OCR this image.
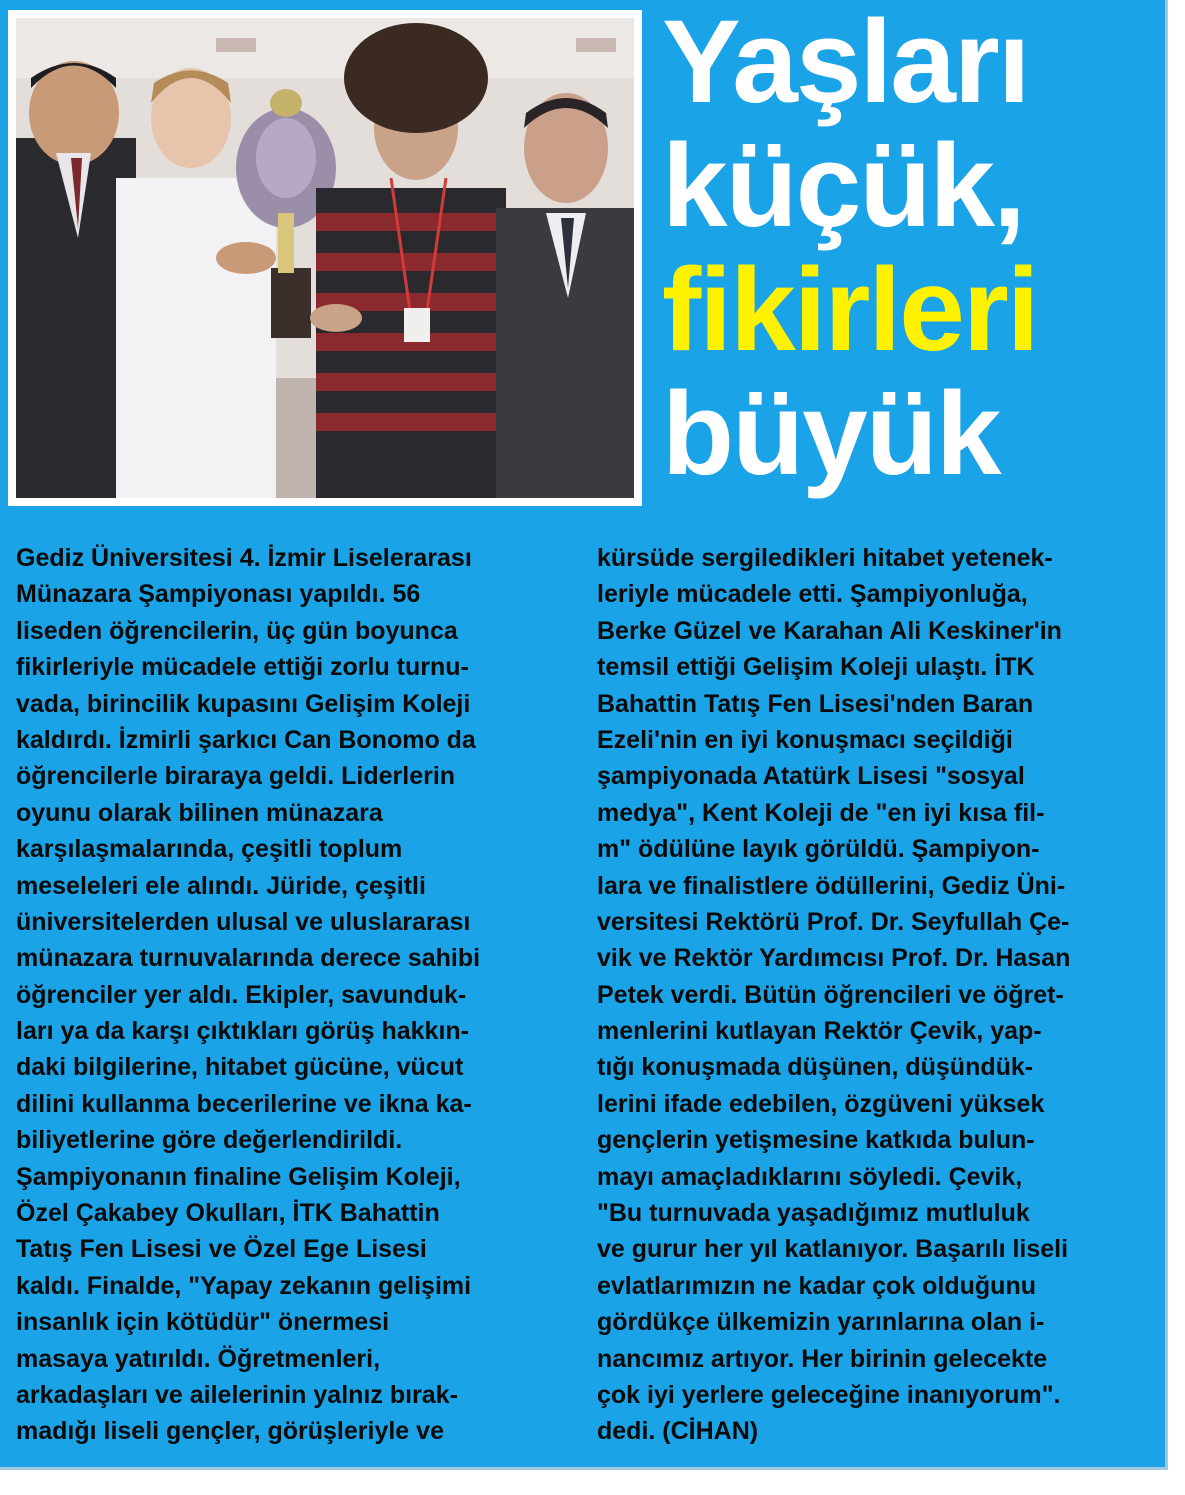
Yaşları
küçük,
fikirleri
büyük
Gediz Üniversitesi 4. İzmir Liselerarası
Münazara Şampiyonası yapıldı. 56
liseden öğrencilerin, üç gün boyunca
fikirleriyle mücadele ettiği zorlu turnu-
vada, birincilik kupasını Gelişim Koleji
kaldırdı. İzmirli şarkıcı Can Bonomo da
öğrencilerle biraraya geldi. Liderlerin
oyunu olarak bilinen münazara
karşılaşmalarında, çeşitli toplum
meseleleri ele alındı. Jüride, çeşitli
üniversitelerden ulusal ve uluslararası
münazara turnuvalarında derece sahibi
öğrenciler yer aldı. Ekipler, savunduk-
ları ya da karşı çıktıkları görüş hakkın-
daki bilgilerine, hitabet gücüne, vücut
dilini kullanma becerilerine ve ikna ka-
biliyetlerine göre değerlendirildi.
Şampiyonanın finaline Gelişim Koleji,
Özel Çakabey Okulları, İTK Bahattin
Tatış Fen Lisesi ve Özel Ege Lisesi
kaldı. Finalde, "Yapay zekanın gelişimi
insanlık için kötüdür" önermesi
masaya yatırıldı. Öğretmenleri,
arkadaşları ve ailelerinin yalnız bırak-
madığı liseli gençler, görüşleriyle ve
kürsüde sergiledikleri hitabet yetenek-
leriyle mücadele etti. Şampiyonluğa,
Berke Güzel ve Karahan Ali Keskiner'in
temsil ettiği Gelişim Koleji ulaştı. İTK
Bahattin Tatış Fen Lisesi'nden Baran
Ezeli'nin en iyi konuşmacı seçildiği
şampiyonada Atatürk Lisesi "sosyal
medya", Kent Koleji de "en iyi kısa fil-
m" ödülüne layık görüldü. Şampiyon-
lara ve finalistlere ödüllerini, Gediz Üni-
versitesi Rektörü Prof. Dr. Seyfullah Çe-
vik ve Rektör Yardımcısı Prof. Dr. Hasan
Petek verdi. Bütün öğrencileri ve öğret-
menlerini kutlayan Rektör Çevik, yap-
tığı konuşmada düşünen, düşündük-
lerini ifade edebilen, özgüveni yüksek
gençlerin yetişmesine katkıda bulun-
mayı amaçladıklarını söyledi. Çevik,
"Bu turnuvada yaşadığımız mutluluk
ve gurur her yıl katlanıyor. Başarılı liseli
evlatlarımızın ne kadar çok olduğunu
gördükçe ülkemizin yarınlarına olan i-
nancımız artıyor. Her birinin gelecekte
çok iyi yerlere geleceğine inanıyorum".
dedi. (CİHAN)
